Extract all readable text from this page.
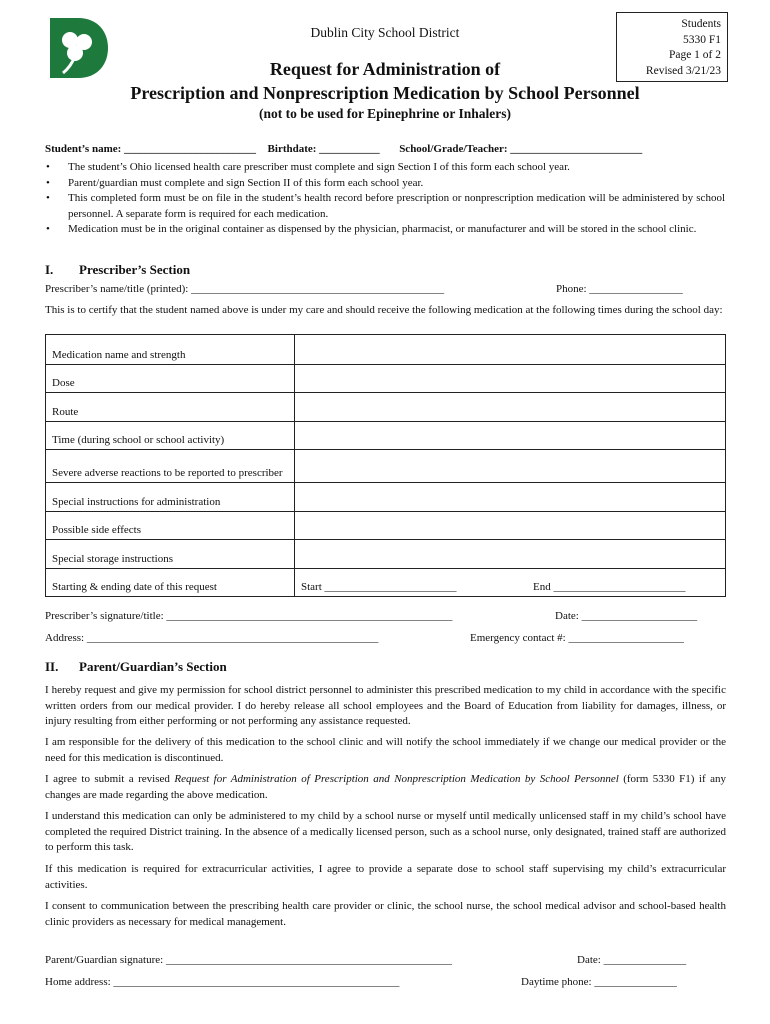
Dublin City School District
Students
5330 F1
Page 1 of 2
Revised 3/21/23
Request for Administration of
Prescription and Nonprescription Medication by School Personnel
(not to be used for Epinephrine or Inhalers)
Student’s name: ________________________ Birthdate: ___________ School/Grade/Teacher: ________________________
• The student’s Ohio licensed health care prescriber must complete and sign Section I of this form each school year.
• Parent/guardian must complete and sign Section II of this form each school year.
• This completed form must be on file in the student’s health record before prescription or nonprescription medication will be administered by school personnel. A separate form is required for each medication.
• Medication must be in the original container as dispensed by the physician, pharmacist, or manufacturer and will be stored in the school clinic.
I. Prescriber’s Section
Prescriber’s name/title (printed): ______________________________________________	Phone: _________________
This is to certify that the student named above is under my care and should receive the following medication at the following times during the school day:
Medication name and strength	
Dose	
Route	
Time (during school or school activity)	
Severe adverse reactions to be reported to prescriber	
Special instructions for administration	
Possible side effects	
Special storage instructions	
Starting & ending date of this request	Start ________________________ End ________________________
Prescriber’s signature/title: ____________________________________________________	Date: _____________________
Address: _____________________________________________________	Emergency contact #: _____________________
II. Parent/Guardian’s Section
I hereby request and give my permission for school district personnel to administer this prescribed medication to my child in accordance with the specific written orders from our medical provider. I do hereby release all school employees and the Board of Education from liability for damages, illness, or injury resulting from either performing or not performing any assistance requested.
I am responsible for the delivery of this medication to the school clinic and will notify the school immediately if we change our medical provider or the need for this medication is discontinued.
I agree to submit a revised Request for Administration of Prescription and Nonprescription Medication by School Personnel (form 5330 F1) if any changes are made regarding the above medication.
I understand this medication can only be administered to my child by a school nurse or myself until medically unlicensed staff in my child’s school have completed the required District training. In the absence of a medically licensed person, such as a school nurse, only designated, trained staff are authorized to perform this task.
If this medication is required for extracurricular activities, I agree to provide a separate dose to school staff supervising my child’s extracurricular activities.
I consent to communication between the prescribing health care provider or clinic, the school nurse, the school medical advisor and school-based health clinic providers as necessary for medical management.
Parent/Guardian signature: ____________________________________________________	Date: _______________
Home address: ____________________________________________________	Daytime phone: _______________
